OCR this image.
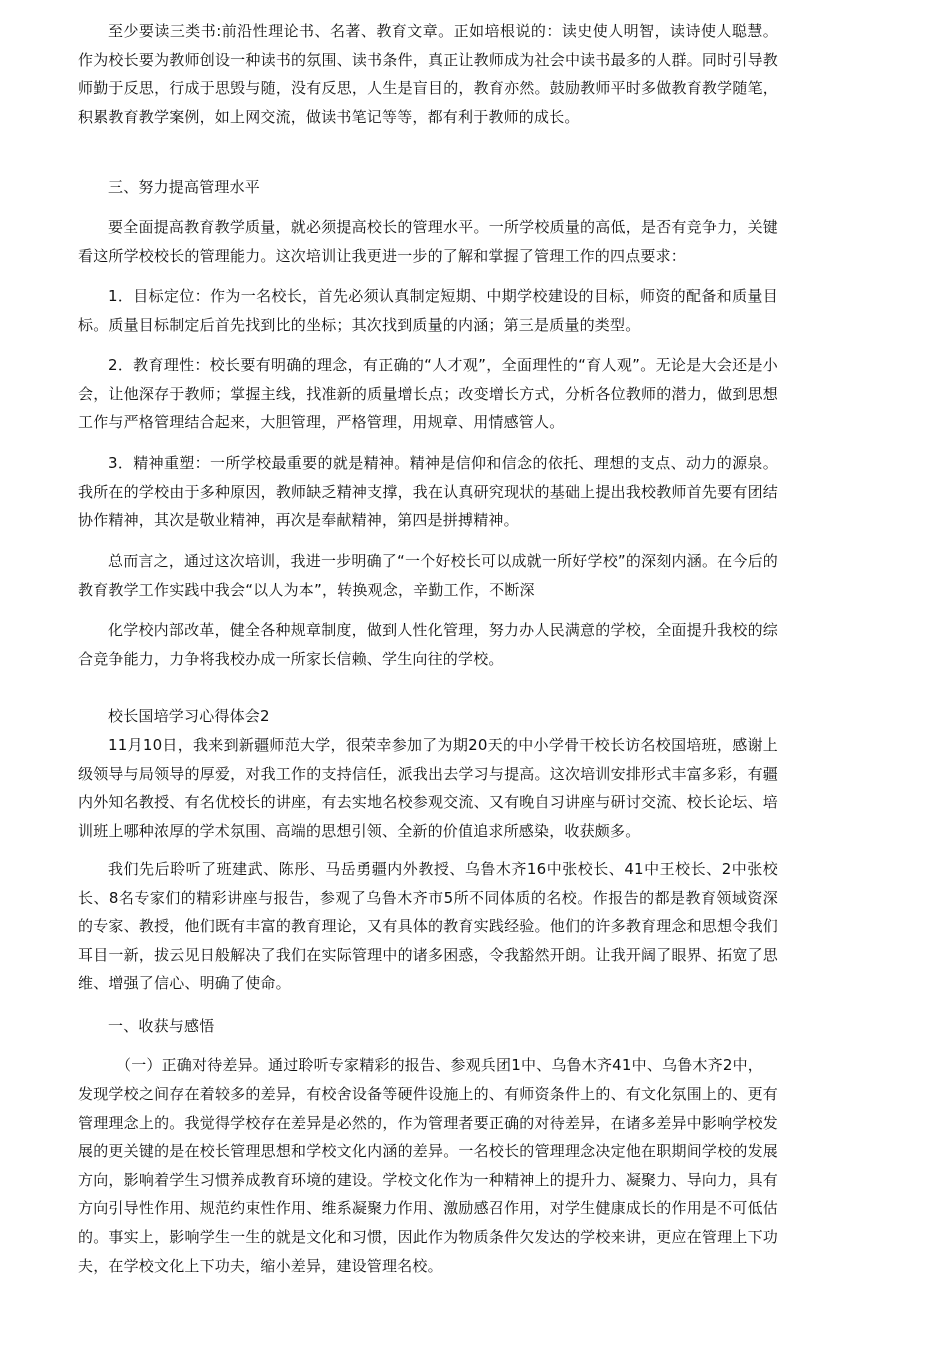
至少要读三类书:前沿性理论书、名著、教育文章。正如培根说的：读史使人明智，读诗使人聪慧。作为校长要为教师创设一种读书的氛围、读书条件，真正让教师成为社会中读书最多的人群。同时引导教师勤于反思，行成于思毁与随，没有反思，人生是盲目的，教育亦然。鼓励教师平时多做教育教学随笔，积累教育教学案例，如上网交流，做读书笔记等等，都有利于教师的成长。

三、努力提高管理水平

要全面提高教育教学质量，就必须提高校长的管理水平。一所学校质量的高低，是否有竞争力，关键看这所学校校长的管理能力。这次培训让我更进一步的了解和掌握了管理工作的四点要求：

1．目标定位：作为一名校长，首先必须认真制定短期、中期学校建设的目标，师资的配备和质量目标。质量目标制定后首先找到比的坐标；其次找到质量的内涵；第三是质量的类型。

2．教育理性：校长要有明确的理念，有正确的“人才观”，全面理性的“育人观”。无论是大会还是小会，让他深存于教师；掌握主线，找准新的质量增长点；改变增长方式，分析各位教师的潜力，做到思想工作与严格管理结合起来，大胆管理，严格管理，用规章、用情感管人。

3．精神重塑：一所学校最重要的就是精神。精神是信仰和信念的依托、理想的支点、动力的源泉。我所在的学校由于多种原因，教师缺乏精神支撑，我在认真研究现状的基础上提出我校教师首先要有团结协作精神，其次是敬业精神，再次是奉献精神，第四是拼搏精神。

总而言之，通过这次培训，我进一步明确了“一个好校长可以成就一所好学校”的深刻内涵。在今后的教育教学工作实践中我会“以人为本”，转换观念，辛勤工作，不断深

化学校内部改革，健全各种规章制度，做到人性化管理，努力办人民满意的学校，全面提升我校的综合竞争能力，力争将我校办成一所家长信赖、学生向往的学校。

校长国培学习心得体会2

11月10日，我来到新疆师范大学，很荣幸参加了为期20天的中小学骨干校长访名校国培班，感谢上级领导与局领导的厚爱，对我工作的支持信任，派我出去学习与提高。这次培训安排形式丰富多彩，有疆内外知名教授、有名优校长的讲座，有去实地名校参观交流、又有晚自习讲座与研讨交流、校长论坛、培训班上哪种浓厚的学术氛围、高端的思想引领、全新的价值追求所感染，收获颇多。

我们先后聆听了班建武、陈彤、马岳勇疆内外教授、乌鲁木齐16中张校长、41中王校长、2中张校长、8名专家们的精彩讲座与报告，参观了乌鲁木齐市5所不同体质的名校。作报告的都是教育领域资深的专家、教授，他们既有丰富的教育理论，又有具体的教育实践经验。他们的许多教育理念和思想令我们耳目一新，拔云见日般解决了我们在实际管理中的诸多困惑，令我豁然开朗。让我开阔了眼界、拓宽了思维、增强了信心、明确了使命。

一、收获与感悟

（一）正确对待差异。通过聆听专家精彩的报告、参观兵团1中、乌鲁木齐41中、乌鲁木齐2中，

发现学校之间存在着较多的差异，有校舍设备等硬件设施上的、有师资条件上的、有文化氛围上的、更有管理理念上的。我觉得学校存在差异是必然的，作为管理者要正确的对待差异，在诸多差异中影响学校发展的更关键的是在校长管理思想和学校文化内涵的差异。一名校长的管理理念决定他在职期间学校的发展方向，影响着学生习惯养成教育环境的建设。学校文化作为一种精神上的提升力、凝聚力、导向力，具有方向引导性作用、规范约束性作用、维系凝聚力作用、激励感召作用，对学生健康成长的作用是不可低估的。事实上，影响学生一生的就是文化和习惯，因此作为物质条件欠发达的学校来讲，更应在管理上下功夫，在学校文化上下功夫，缩小差异，建设管理名校。
